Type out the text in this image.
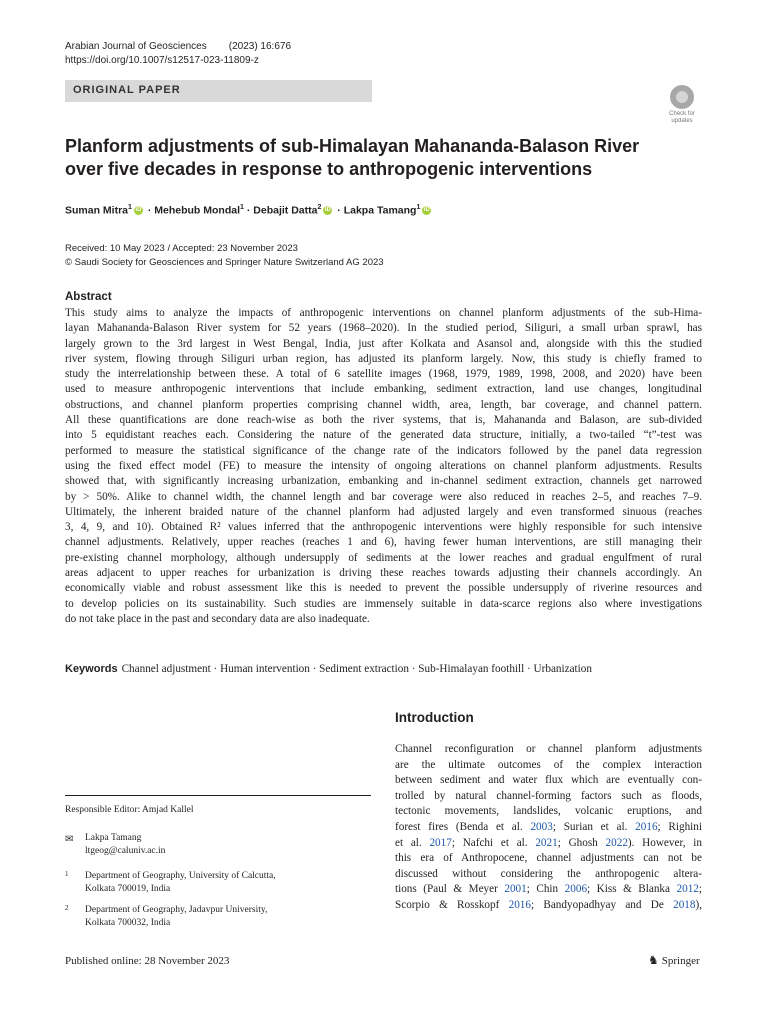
Arabian Journal of Geosciences (2023) 16:676
https://doi.org/10.1007/s12517-023-11809-z
ORIGINAL PAPER
Check for
updates
Planform adjustments of sub-Himalayan Mahananda-Balason River
over five decades in response to anthropogenic interventions
Suman Mitra$^1$ iD · Mehebub Mondal$^1$ · Debajit Datta$^2$ iD · Lakpa Tamang$^1$ iD
Received: 10 May 2023 / Accepted: 23 November 2023
© Saudi Society for Geosciences and Springer Nature Switzerland AG 2023
Abstract
This study aims to analyze the impacts of anthropogenic interventions on channel planform adjustments of the sub-Hima-
layan Mahananda-Balason River system for 52 years (1968–2020). In the studied period, Siliguri, a small urban sprawl, has
largely grown to the 3rd largest in West Bengal, India, just after Kolkata and Asansol and, alongside with this the studied
river system, flowing through Siliguri urban region, has adjusted its planform largely. Now, this study is chiefly framed to
study the interrelationship between these. A total of 6 satellite images (1968, 1979, 1989, 1998, 2008, and 2020) have been
used to measure anthropogenic interventions that include embanking, sediment extraction, land use changes, longitudinal
obstructions, and channel planform properties comprising channel width, area, length, bar coverage, and channel pattern.
All these quantifications are done reach-wise as both the river systems, that is, Mahananda and Balason, are sub-divided
into 5 equidistant reaches each. Considering the nature of the generated data structure, initially, a two-tailed “t”-test was
performed to measure the statistical significance of the change rate of the indicators followed by the panel data regression
using the fixed effect model (FE) to measure the intensity of ongoing alterations on channel planform adjustments. Results
showed that, with significantly increasing urbanization, embanking and in-channel sediment extraction, channels get narrowed
by > 50%. Alike to channel width, the channel length and bar coverage were also reduced in reaches 2–5, and reaches 7–9.
Ultimately, the inherent braided nature of the channel planform had adjusted largely and even transformed sinuous (reaches
3, 4, 9, and 10). Obtained R² values inferred that the anthropogenic interventions were highly responsible for such intensive
channel adjustments. Relatively, upper reaches (reaches 1 and 6), having fewer human interventions, are still managing their
pre-existing channel morphology, although undersupply of sediments at the lower reaches and gradual engulfment of rural
areas adjacent to upper reaches for urbanization is driving these reaches towards adjusting their channels accordingly. An
economically viable and robust assessment like this is needed to prevent the possible undersupply of riverine resources and
to develop policies on its sustainability. Such studies are immensely suitable in data-scarce regions also where investigations
do not take place in the past and secondary data are also inadequate.
Keywords Channel adjustment · Human intervention · Sediment extraction · Sub-Himalayan foothill · Urbanization
Introduction
Channel reconfiguration or channel planform adjustments
are the ultimate outcomes of the complex interaction
between sediment and water flux which are eventually con-
trolled by natural channel-forming factors such as floods,
tectonic movements, landslides, volcanic eruptions, and
forest fires (Benda et al. 2003; Surian et al. 2016; Righini
et al. 2017; Nafchi et al. 2021; Ghosh 2022). However, in
this era of Anthropocene, channel adjustments can not be
discussed without considering the anthropogenic altera-
tions (Paul & Meyer 2001; Chin 2006; Kiss & Blanka 2012;
Scorpio & Rosskopf 2016; Bandyopadhyay and De 2018),
Responsible Editor: Amjad Kallel
✉ Lakpa Tamang
ltgeog@caluniv.ac.in
1 Department of Geography, University of Calcutta,
Kolkata 700019, India
2 Department of Geography, Jadavpur University,
Kolkata 700032, India
Published online: 28 November 2023	♞ Springer
